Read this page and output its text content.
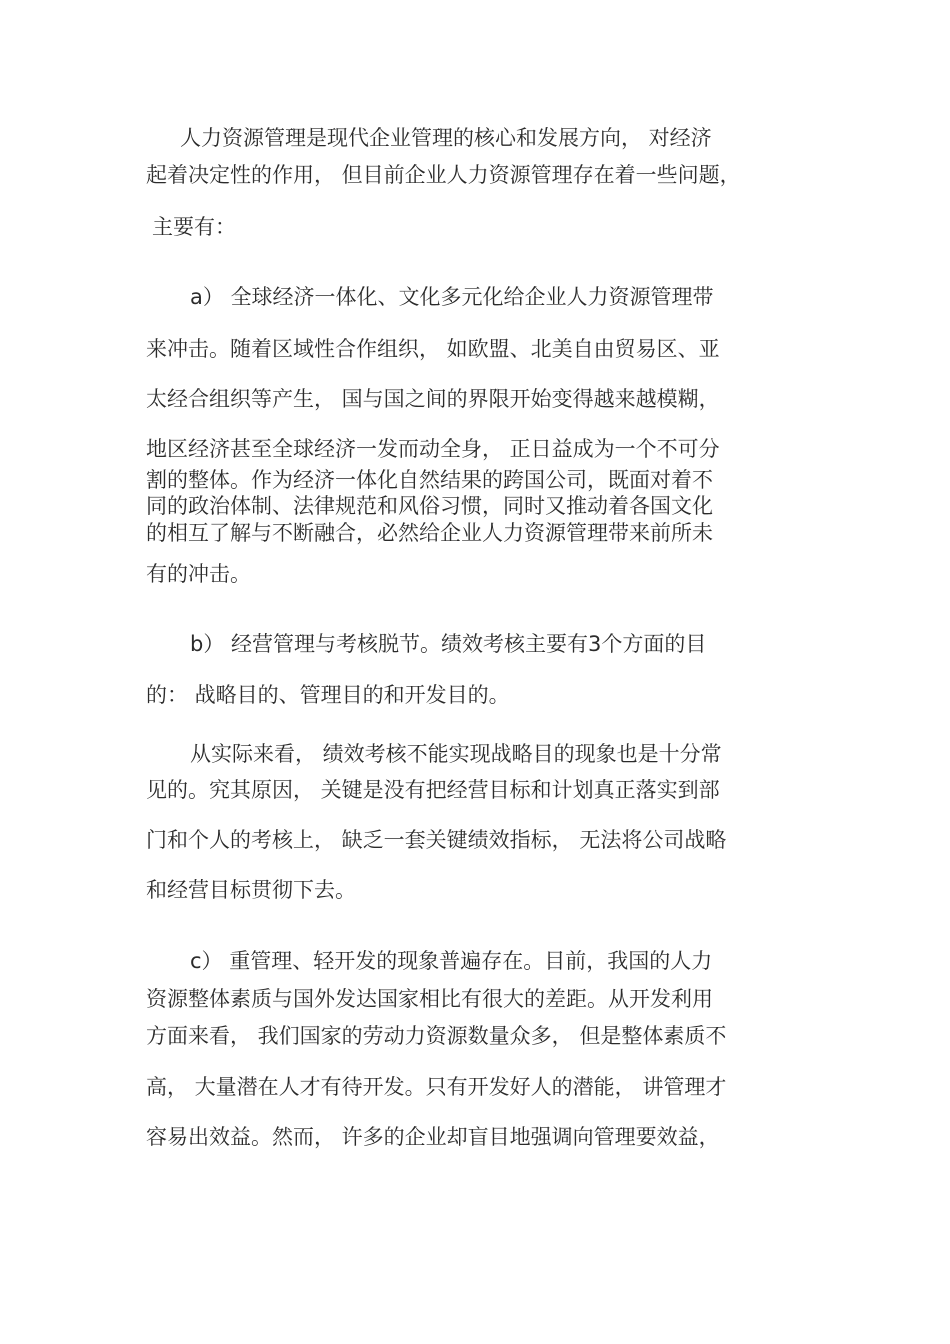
人力资源管理是现代企业管理的核心和发展方向， 对经济

起着决定性的作用， 但目前企业人力资源管理存在着一些问题，

主要有：

a） 全球经济一体化、文化多元化给企业人力资源管理带

来冲击。随着区域性合作组织， 如欧盟、北美自由贸易区、亚

太经合组织等产生， 国与国之间的界限开始变得越来越模糊，

地区经济甚至全球经济一发而动全身， 正日益成为一个不可分

割的整体。作为经济一体化自然结果的跨国公司，既面对着不

同的政治体制、法律规范和风俗习惯，同时又推动着各国文化

的相互了解与不断融合，必然给企业人力资源管理带来前所未

有的冲击。

b） 经营管理与考核脱节。绩效考核主要有3个方面的目

的： 战略目的、管理目的和开发目的。

从实际来看， 绩效考核不能实现战略目的现象也是十分常

见的。究其原因， 关键是没有把经营目标和计划真正落实到部

门和个人的考核上， 缺乏一套关键绩效指标， 无法将公司战略

和经营目标贯彻下去。

c） 重管理、轻开发的现象普遍存在。目前，我国的人力

资源整体素质与国外发达国家相比有很大的差距。从开发利用

方面来看， 我们国家的劳动力资源数量众多， 但是整体素质不

高， 大量潜在人才有待开发。只有开发好人的潜能， 讲管理才

容易出效益。然而， 许多的企业却盲目地强调向管理要效益，
